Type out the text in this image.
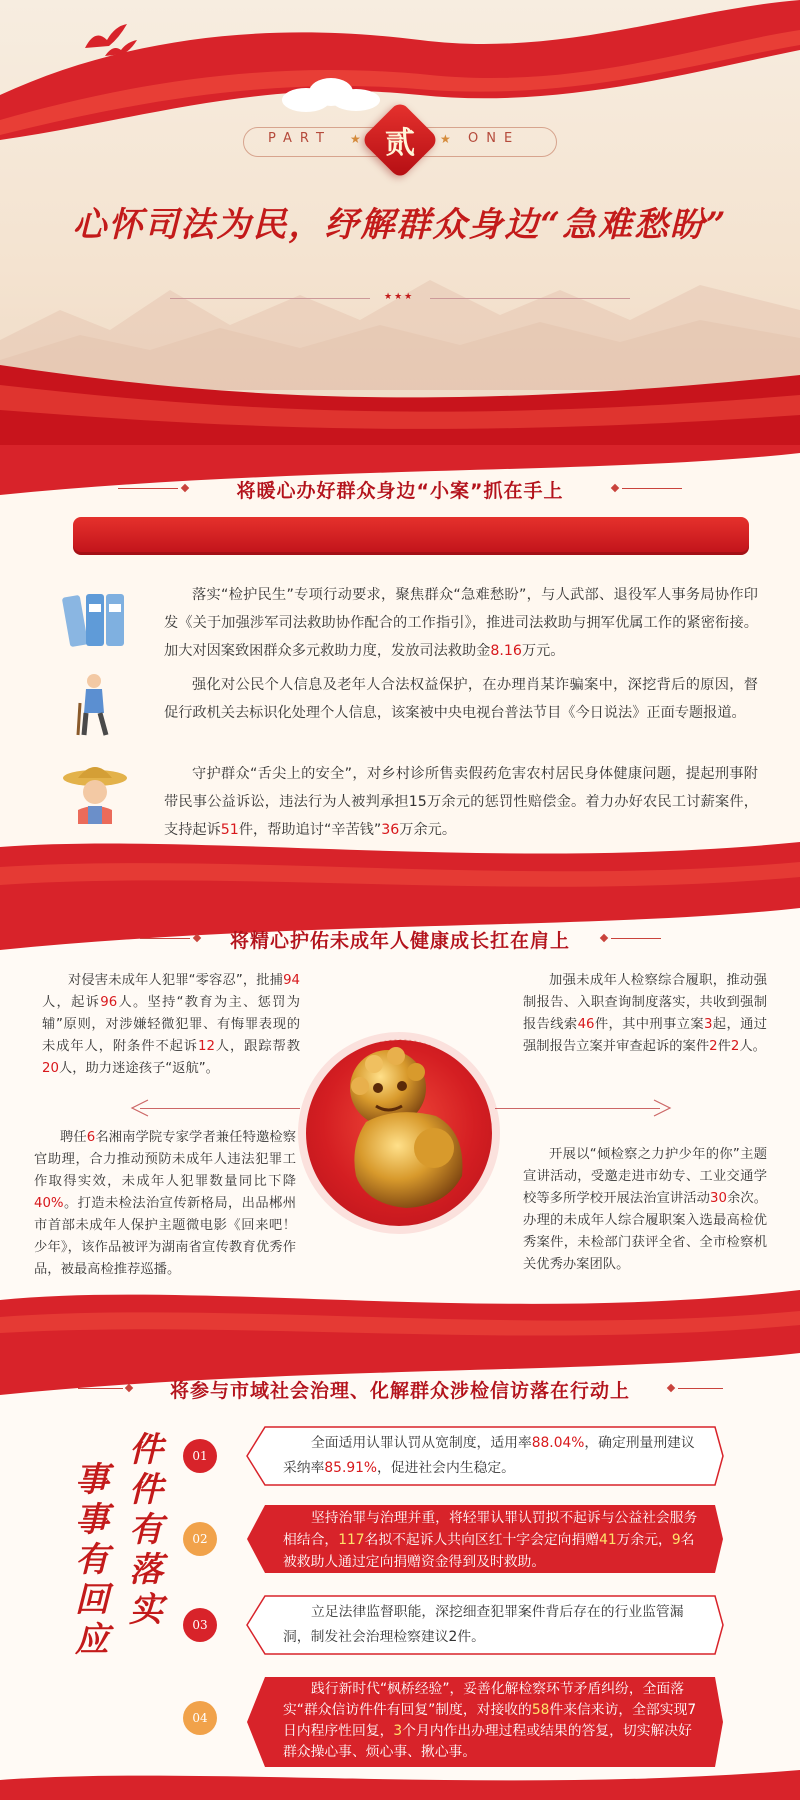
PART ★	★ ONE
贰
心怀司法为民，纾解群众身边“急难愁盼”
★★★
将暖心办好群众身边“小案”抓在手上

落实“检护民生”专项行动要求，聚焦群众“急难愁盼”，与人武部、退役军人事务局协作印发《关于加强涉军司法救助协作配合的工作指引》，推进司法救助与拥军优属工作的紧密衔接。加大对因案致困群众多元救助力度，发放司法救助金8.16万元。

强化对公民个人信息及老年人合法权益保护，在办理肖某诈骗案中，深挖背后的原因，督促行政机关去标识化处理个人信息，该案被中央电视台普法节目《今日说法》正面专题报道。

守护群众“舌尖上的安全”，对乡村诊所售卖假药危害农村居民身体健康问题，提起刑事附带民事公益诉讼，违法行为人被判承担15万余元的惩罚性赔偿金。着力办好农民工讨薪案件，支持起诉51件，帮助追讨“辛苦钱”36万余元。

将精心护佑未成年人健康成长扛在肩上

对侵害未成年人犯罪“零容忍”，批捕94人，起诉96人。坚持“教育为主、惩罚为辅”原则，对涉嫌轻微犯罪、有悔罪表现的未成年人，附条件不起诉12人，跟踪帮教20人，助力迷途孩子“返航”。

加强未成年人检察综合履职，推动强制报告、入职查询制度落实，共收到强制报告线索46件，其中刑事立案3起，通过强制报告立案并审查起诉的案件2件2人。

聘任6名湘南学院专家学者兼任特邀检察官助理，合力推动预防未成年人违法犯罪工作取得实效，未成年人犯罪数量同比下降40%。打造未检法治宣传新格局，出品郴州市首部未成年人保护主题微电影《回来吧！少年》，该作品被评为湖南省宣传教育优秀作品，被最高检推荐巡播。

开展以“倾检察之力护少年的你”主题宣讲活动，受邀走进市幼专、工业交通学校等多所学校开展法治宣讲活动30余次。办理的未成年人综合履职案入选最高检优秀案件，未检部门获评全省、全市检察机关优秀办案团队。

将参与市域社会治理、化解群众涉检信访落在行动上
事
事
有
回
应
件
件
有
落
实
01

全面适用认罪认罚从宽制度，适用率88.04%，确定刑量刑建议采纳率85.91%，促进社会内生稳定。

02

坚持治罪与治理并重，将轻罪认罪认罚拟不起诉与公益社会服务相结合，117名拟不起诉人共向区红十字会定向捐赠41万余元，9名被救助人通过定向捐赠资金得到及时救助。

03

立足法律监督职能，深挖细查犯罪案件背后存在的行业监管漏洞，制发社会治理检察建议2件。

04

践行新时代“枫桥经验”，妥善化解检察环节矛盾纠纷，全面落实“群众信访件件有回复”制度，对接收的58件来信来访，全部实现7日内程序性回复，3个月内作出办理过程或结果的答复，切实解决好群众操心事、烦心事、揪心事。
